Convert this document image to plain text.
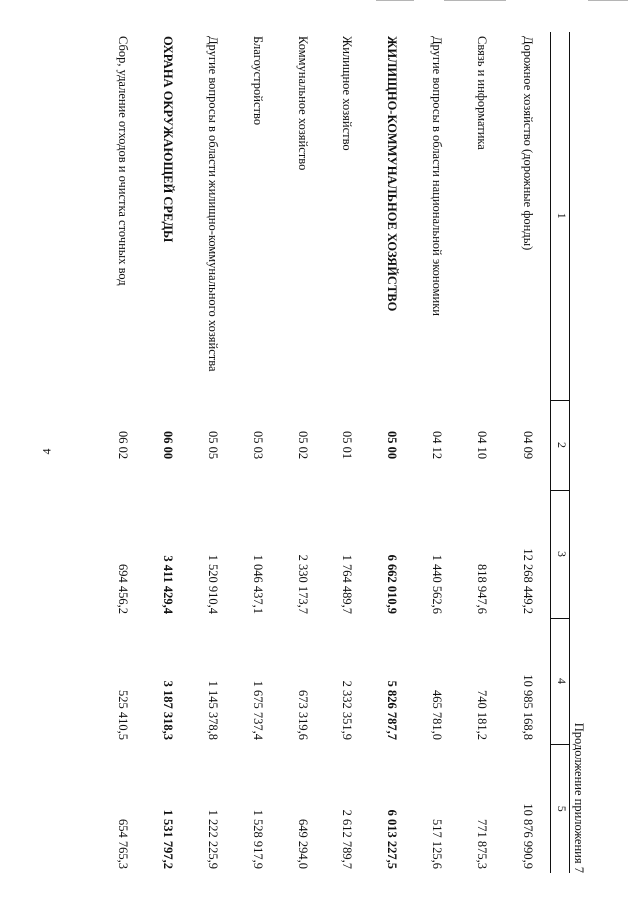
4
Продолжение приложения 7
1	2	3	4	5
Дорожное хозяйство (дорожные фонды)	04 09	12 268 449,2	10 985 168,8	10 876 990,9
Связь и информатика	04 10	818 947,6	740 181,2	771 875,3
Другие вопросы в области национальной экономики	04 12	1 440 562,6	465 781,0	517 125,6
ЖИЛИЩНО-КОММУНАЛЬНОЕ ХОЗЯЙСТВО	05 00	6 662 010,9	5 826 787,7	6 013 227,5
Жилищное хозяйство	05 01	1 764 489,7	2 332 351,9	2 612 789,7
Коммунальное хозяйство	05 02	2 330 173,7	673 319,6	649 294,0
Благоустройство	05 03	1 046 437,1	1 675 737,4	1 528 917,9
Другие вопросы в области жилищно-коммунального хозяйства	05 05	1 520 910,4	1 145 378,8	1 222 225,9
ОХРАНА ОКРУЖАЮЩЕЙ СРЕДЫ	06 00	3 411 429,4	3 187 318,3	1 531 797,2
Сбор, удаление отходов и очистка сточных вод	06 02	694 456,2	525 410,5	654 765,3
